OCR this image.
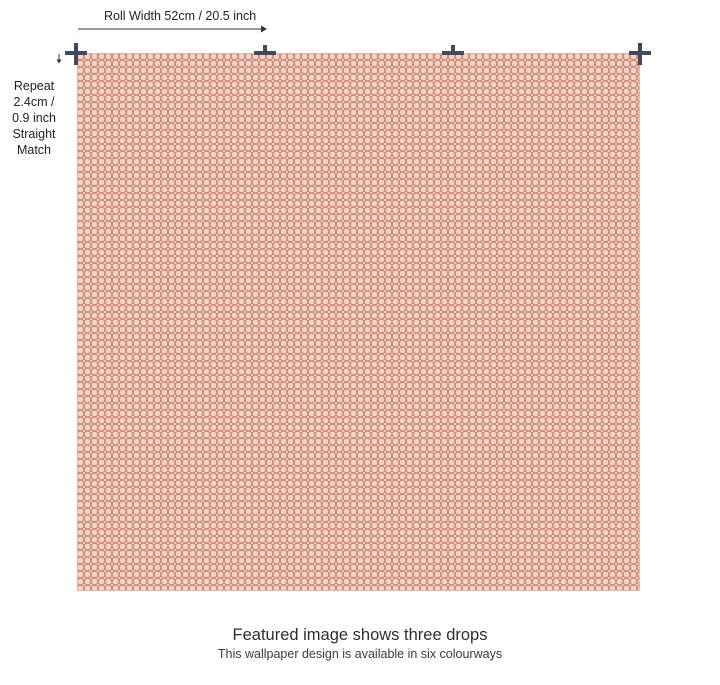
Roll Width 52cm / 20.5 inch
Repeat
2.4cm /
0.9 inch
Straight
Match
Featured image shows three drops
This wallpaper design is available in six colourways
